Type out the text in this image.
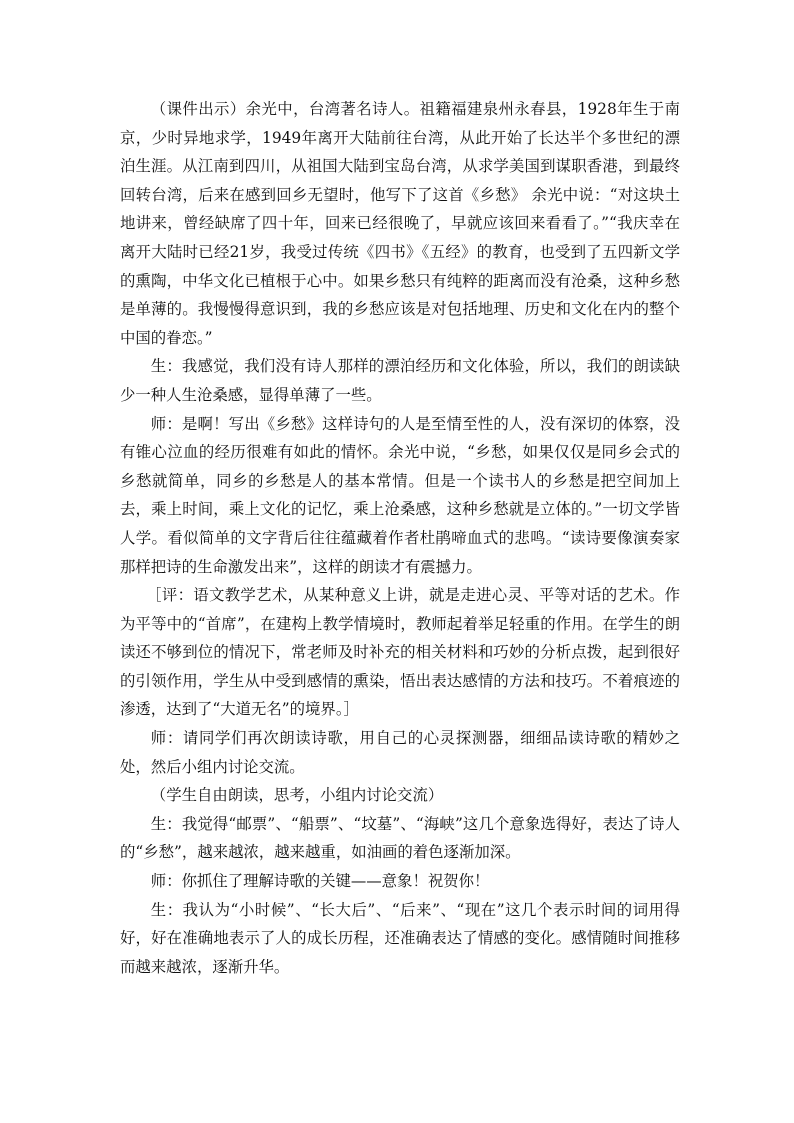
（课件出示）余光中，台湾著名诗人。祖籍福建泉州永春县，1928年生于南京，少时异地求学，1949年离开大陆前往台湾，从此开始了长达半个多世纪的漂泊生涯。从江南到四川，从祖国大陆到宝岛台湾，从求学美国到谋职香港，到最终回转台湾，后来在感到回乡无望时，他写下了这首《乡愁》 余光中说：“对这块土地讲来，曾经缺席了四十年，回来已经很晚了，早就应该回来看看了。”“我庆幸在离开大陆时已经21岁，我受过传统《四书》《五经》的教育，也受到了五四新文学的熏陶，中华文化已植根于心中。如果乡愁只有纯粹的距离而没有沧桑，这种乡愁是单薄的。我慢慢得意识到，我的乡愁应该是对包括地理、历史和文化在内的整个中国的眷恋。”

生：我感觉，我们没有诗人那样的漂泊经历和文化体验，所以，我们的朗读缺少一种人生沧桑感，显得单薄了一些。

师：是啊！写出《乡愁》这样诗句的人是至情至性的人，没有深切的体察，没有锥心泣血的经历很难有如此的情怀。余光中说，“乡愁，如果仅仅是同乡会式的乡愁就简单，同乡的乡愁是人的基本常情。但是一个读书人的乡愁是把空间加上去，乘上时间，乘上文化的记忆，乘上沧桑感，这种乡愁就是立体的。”一切文学皆人学。看似简单的文字背后往往蕴藏着作者杜鹃啼血式的悲鸣。“读诗要像演奏家那样把诗的生命激发出来”，这样的朗读才有震撼力。

［评：语文教学艺术，从某种意义上讲，就是走进心灵、平等对话的艺术。作为平等中的“首席”，在建构上教学情境时，教师起着举足轻重的作用。在学生的朗读还不够到位的情况下，常老师及时补充的相关材料和巧妙的分析点拨，起到很好的引领作用，学生从中受到感情的熏染，悟出表达感情的方法和技巧。不着痕迹的渗透，达到了“大道无名”的境界。］

师：请同学们再次朗读诗歌，用自己的心灵探测器，细细品读诗歌的精妙之处，然后小组内讨论交流。

（学生自由朗读，思考，小组内讨论交流）

生：我觉得“邮票”、“船票”、“坟墓”、“海峡”这几个意象选得好，表达了诗人的“乡愁”，越来越浓，越来越重，如油画的着色逐渐加深。

师：你抓住了理解诗歌的关键——意象！祝贺你！

生：我认为“小时候”、“长大后”、“后来”、“现在”这几个表示时间的词用得好，好在准确地表示了人的成长历程，还准确表达了情感的变化。感情随时间推移而越来越浓，逐渐升华。
